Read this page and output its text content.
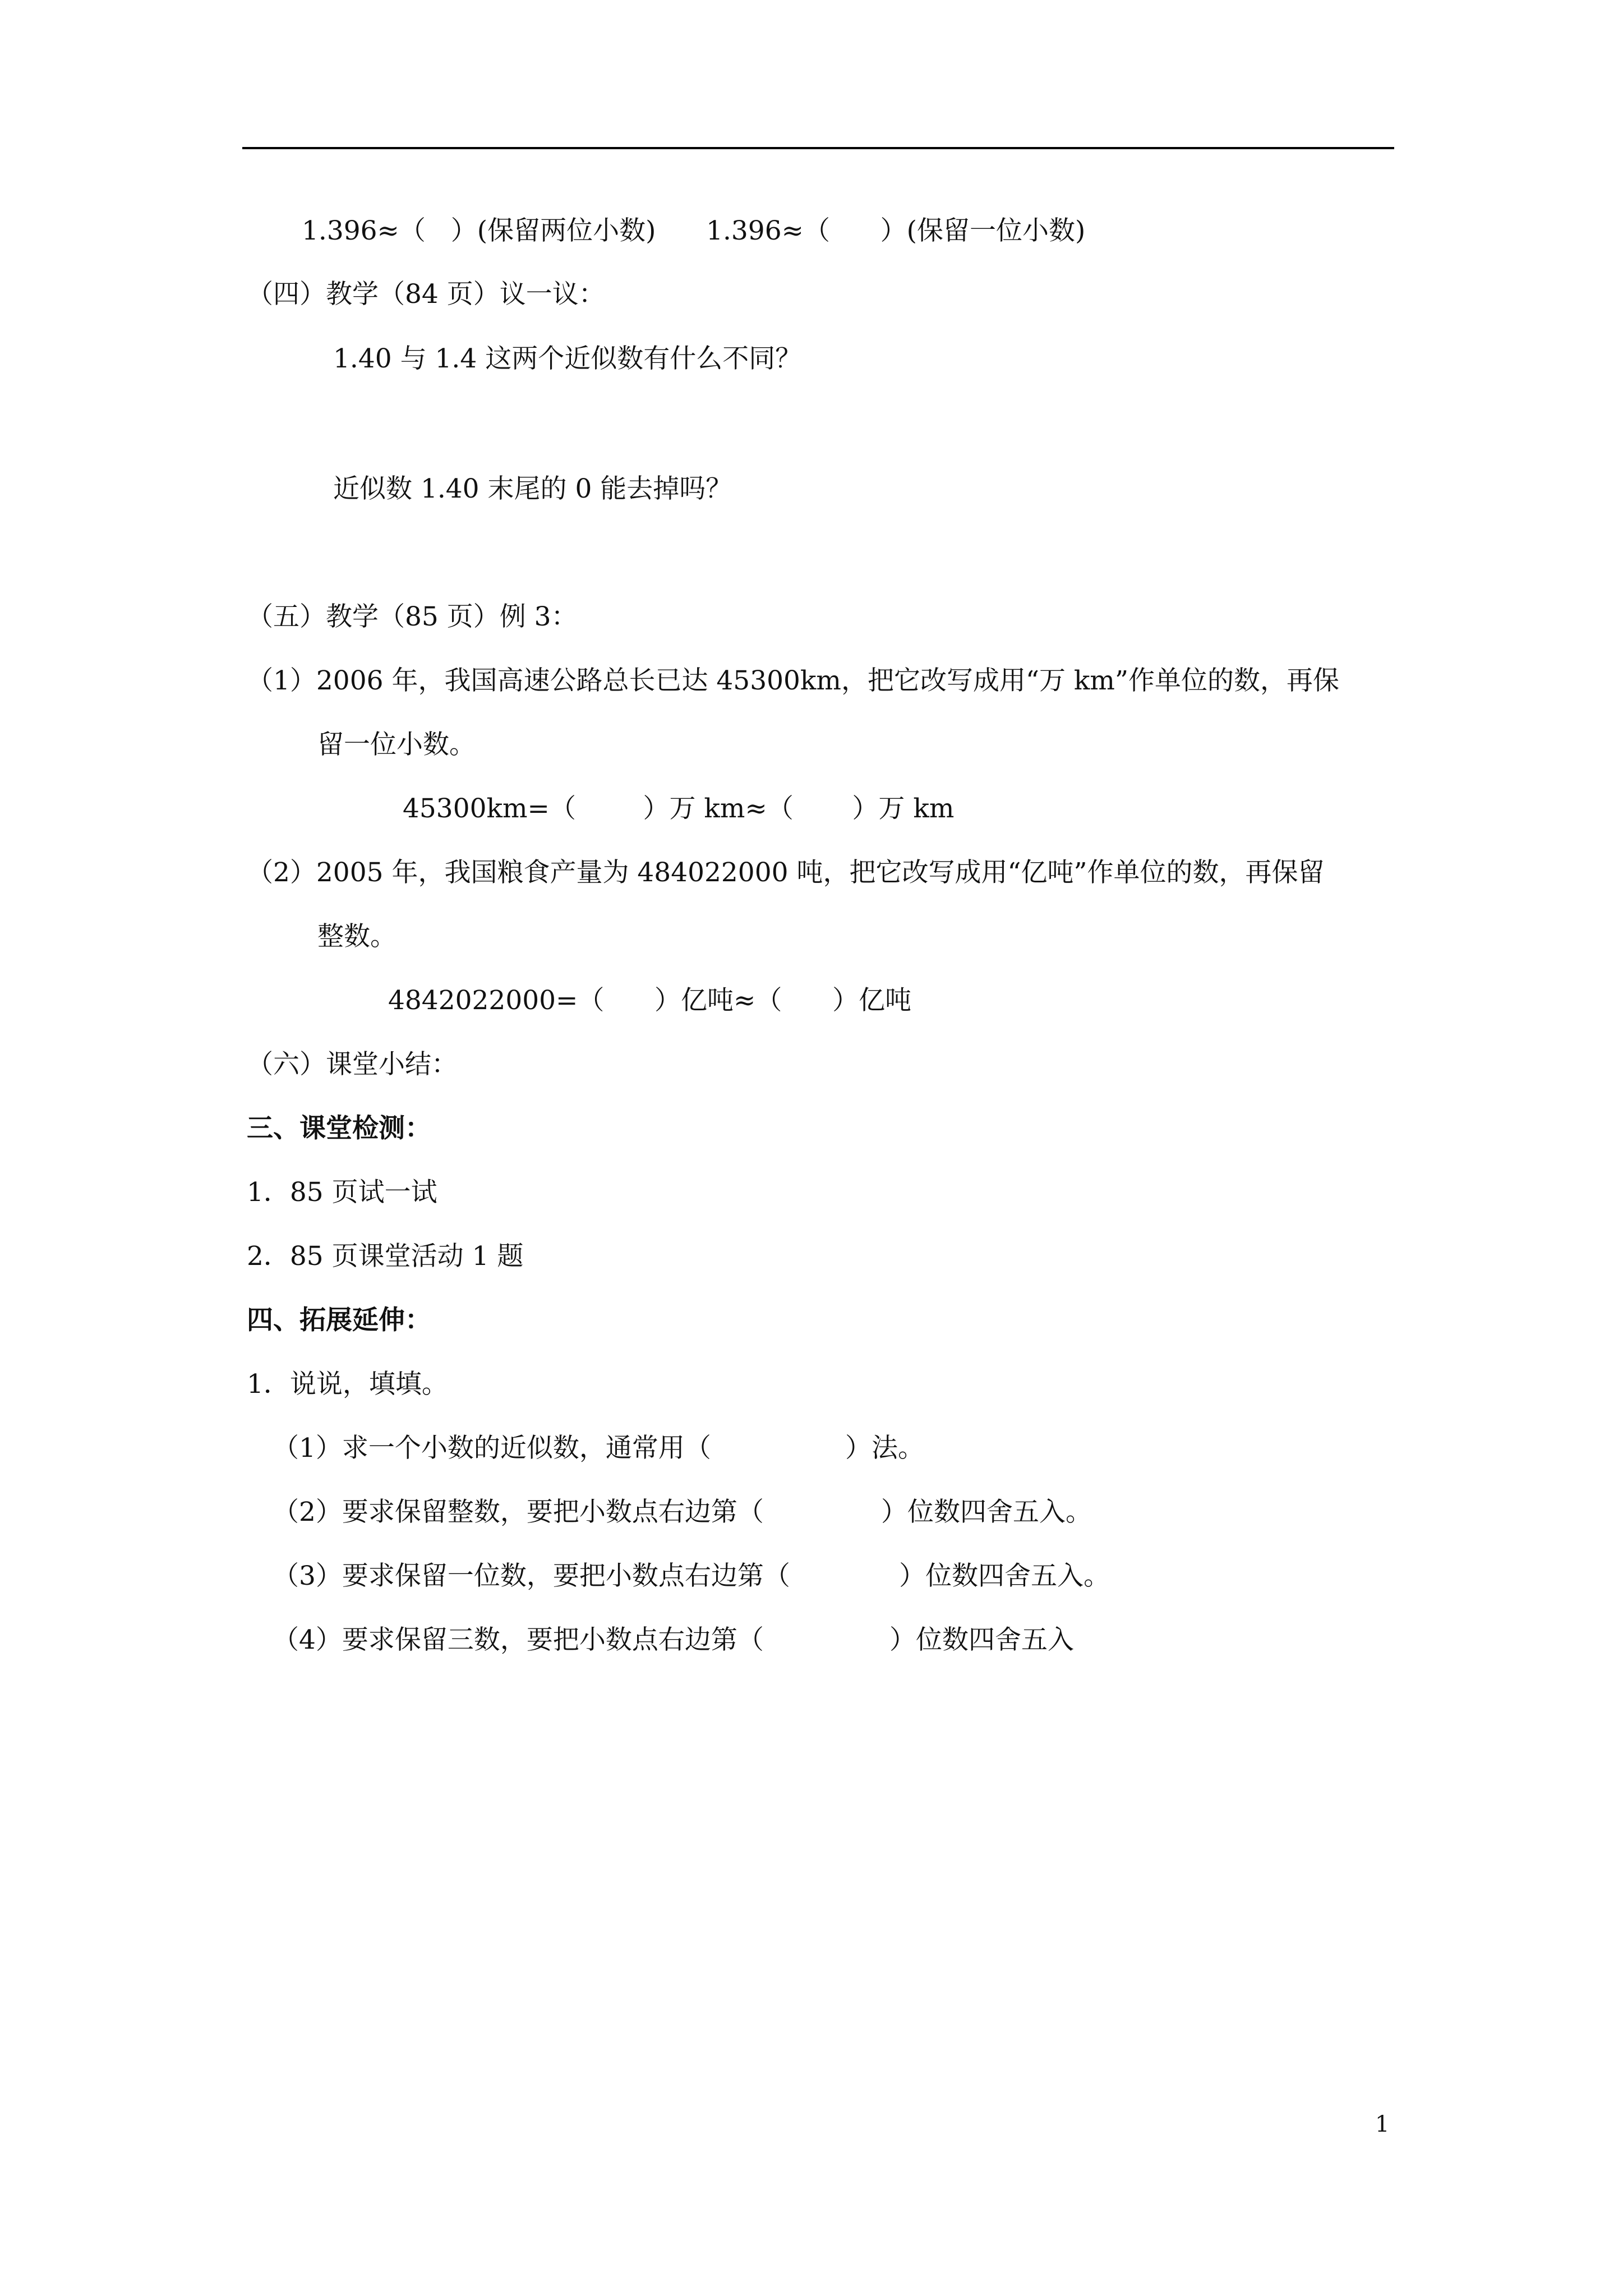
1.396≈（   ）(保留两位小数)      1.396≈（      ）(保留一位小数)
（四）教学（84 页）议一议：
1.40 与 1.4 这两个近似数有什么不同？
近似数 1.40 末尾的 0 能去掉吗？
（五）教学（85 页）例 3：
（1）2006 年，我国高速公路总长已达 45300km，把它改写成用“万 km”作单位的数，再保
留一位小数。
45300km=（        ）万 km≈（       ）万 km
（2）2005 年，我国粮食产量为 484022000 吨，把它改写成用“亿吨”作单位的数，再保留
整数。
4842022000=（      ）亿吨≈（      ）亿吨
（六）课堂小结：
三、课堂检测：
1．85 页试一试
2．85 页课堂活动 1 题
四、拓展延伸：
1．说说，填填。
（1）求一个小数的近似数，通常用（                ）法。
（2）要求保留整数，要把小数点右边第（              ）位数四舍五入。
（3）要求保留一位数，要把小数点右边第（             ）位数四舍五入。
（4）要求保留三数，要把小数点右边第（               ）位数四舍五入
1
